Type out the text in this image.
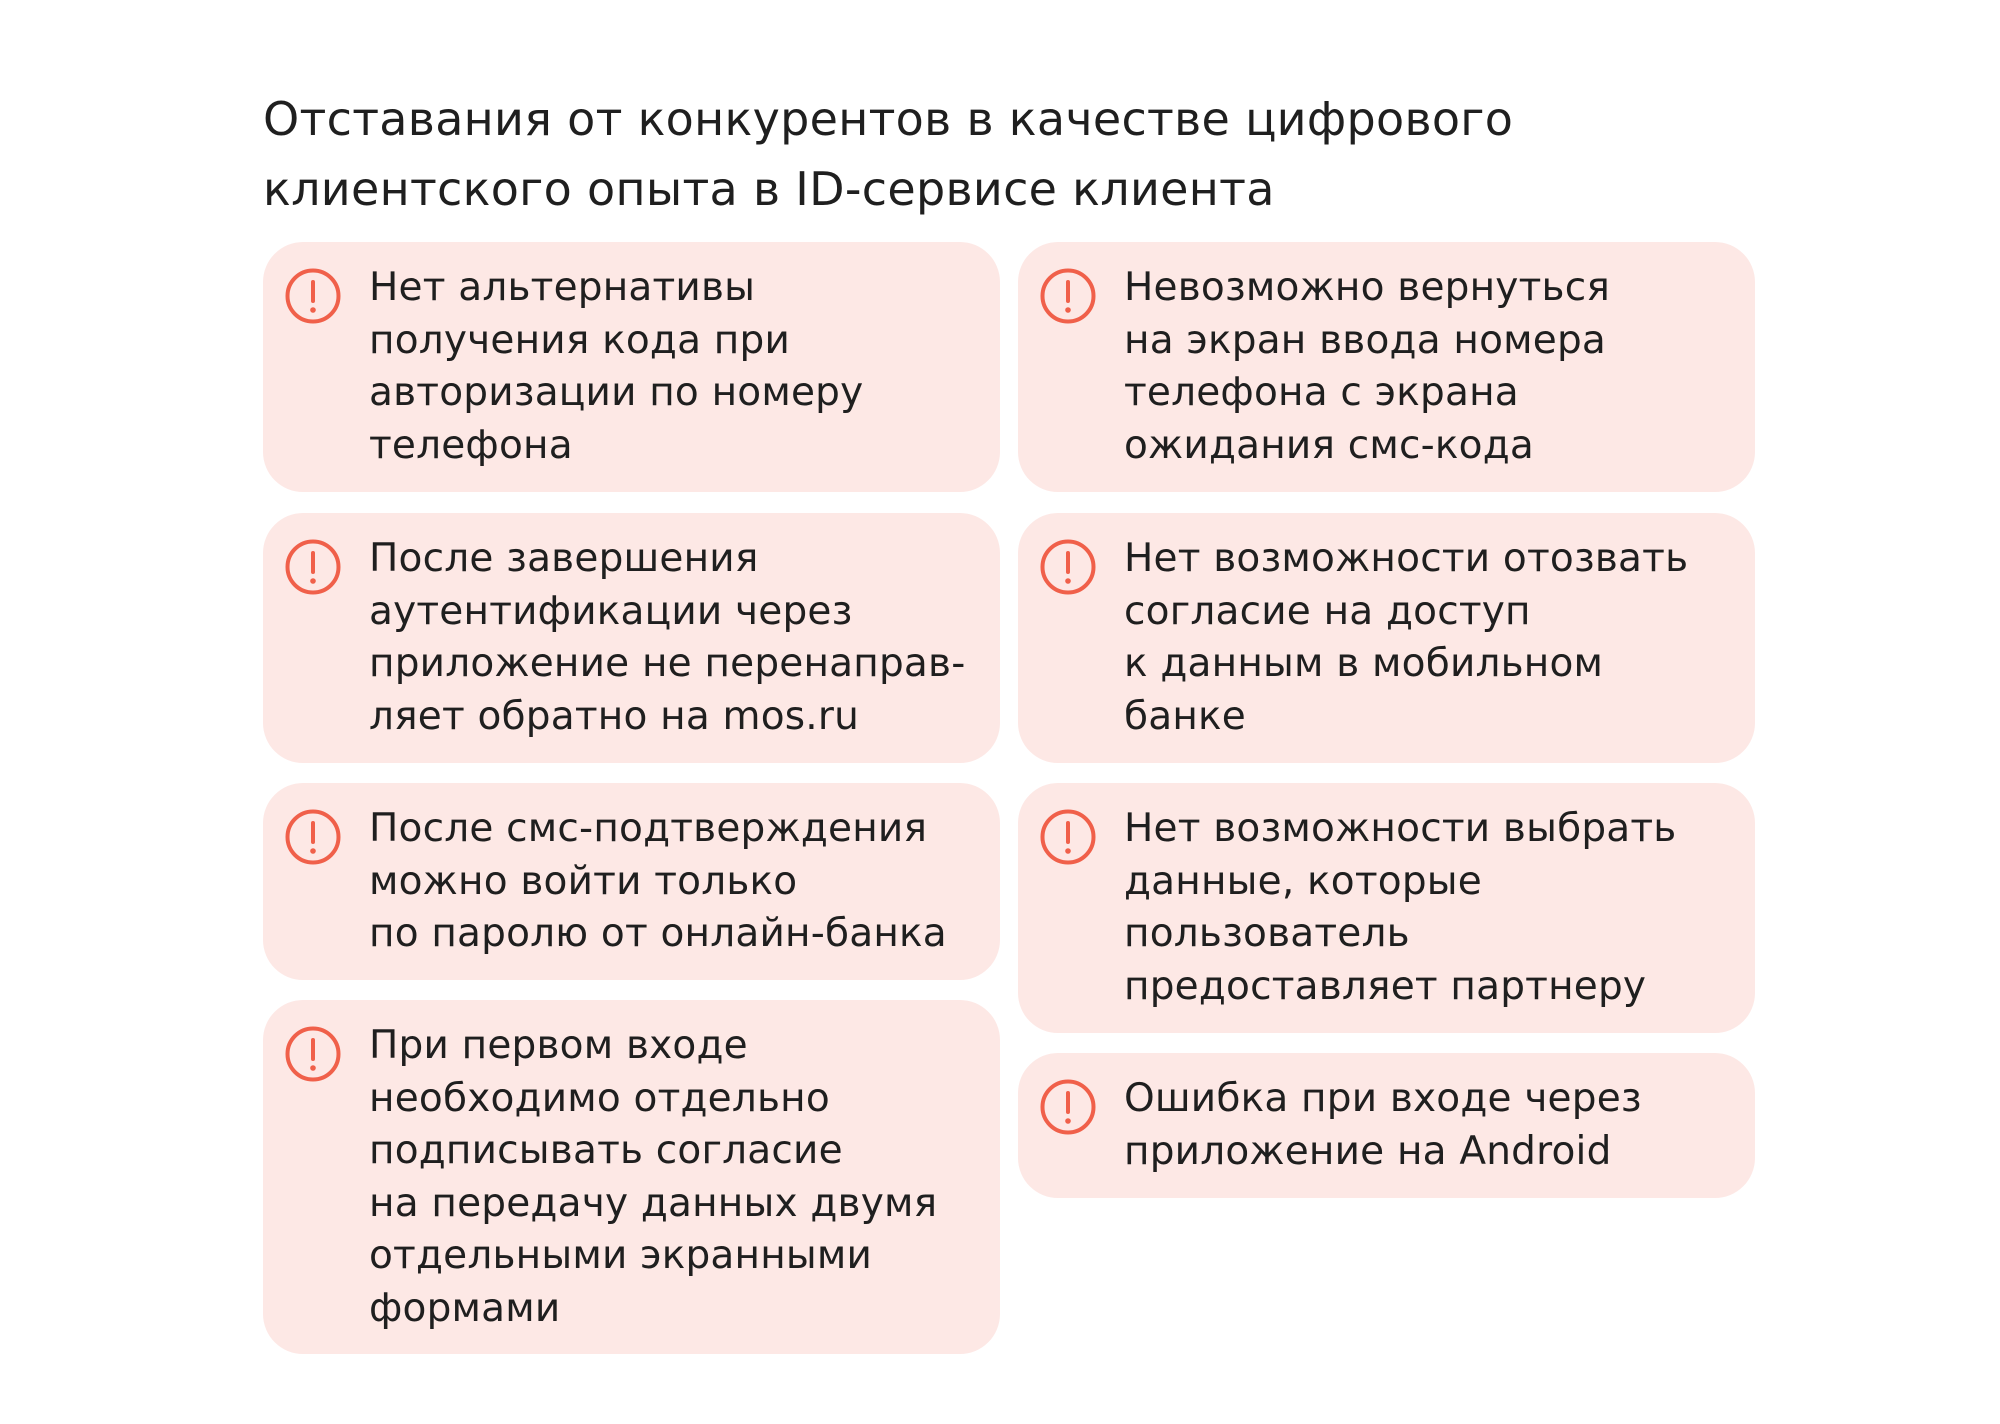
Отставания от конкурентов в качестве цифрового
клиентского опыта в ID-сервисе клиента
Нет альтернативы
получения кода при
авторизации по номеру
телефона
После завершения
аутентификации через
приложение не перенаправ-
ляет обратно на mos.ru
После смс-подтверждения
можно войти только
по паролю от онлайн-банка
При первом входе
необходимо отдельно
подписывать согласие
на передачу данных двумя
отдельными экранными
формами
Невозможно вернуться
на экран ввода номера
телефона с экрана
ожидания смс-кода
Нет возможности отозвать
согласие на доступ
к данным в мобильном
банке
Нет возможности выбрать
данные, которые
пользователь
предоставляет партнеру
Ошибка при входе через
приложение на Android
